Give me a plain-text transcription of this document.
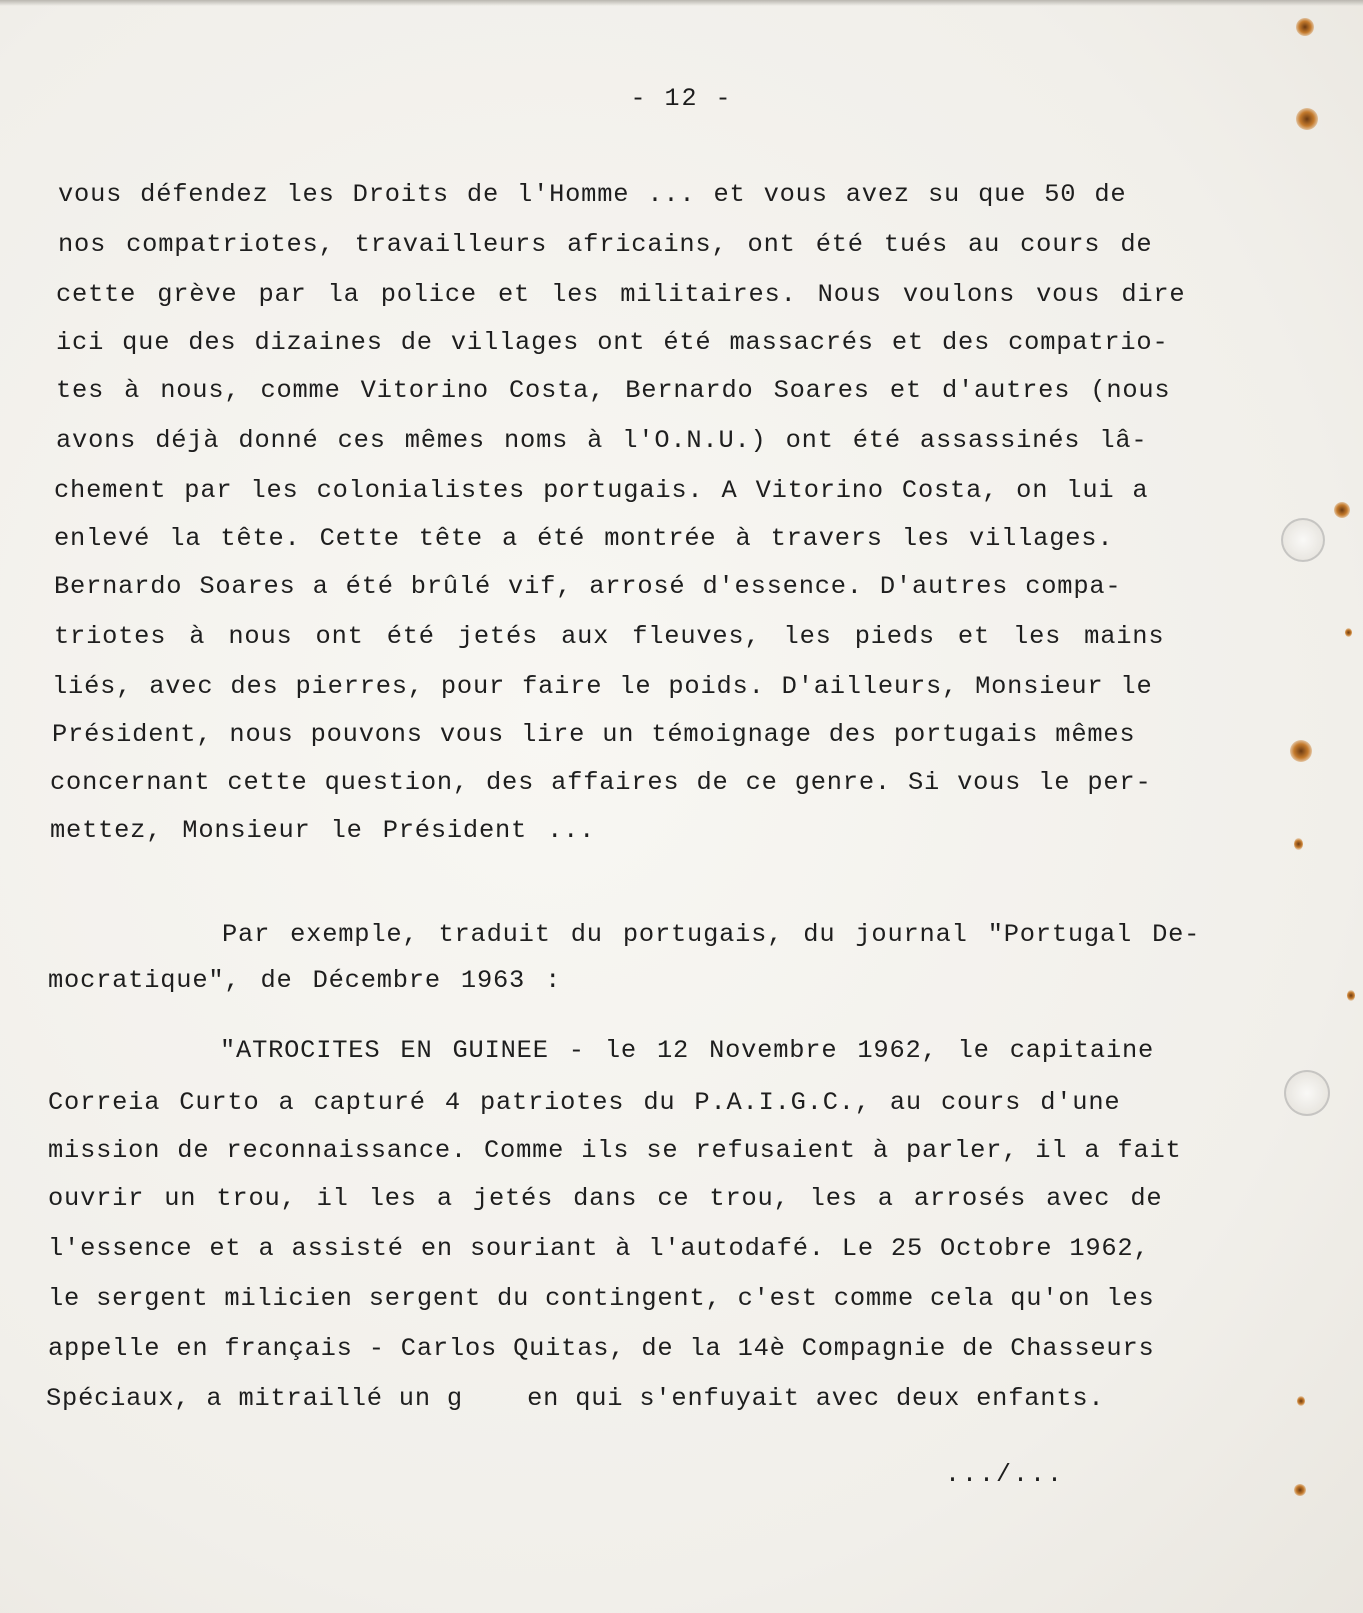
- 12 -
vous défendez les Droits de l'Homme ... et vous avez su que 50 de
nos compatriotes, travailleurs africains, ont été tués au cours de
cette grève par la police et les militaires. Nous voulons vous dire
ici que des dizaines de villages ont été massacrés et des compatrio-
tes à nous, comme Vitorino Costa, Bernardo Soares et d'autres (nous
avons déjà donné ces mêmes noms à l'O.N.U.) ont été assassinés lâ-
chement par les colonialistes portugais. A Vitorino Costa, on lui a
enlevé la tête. Cette tête a été montrée à travers les villages.
Bernardo Soares a été brûlé vif, arrosé d'essence. D'autres compa-
triotes à nous ont été jetés aux fleuves, les pieds et les mains
liés, avec des pierres, pour faire le poids. D'ailleurs, Monsieur le
Président, nous pouvons vous lire un témoignage des portugais mêmes
concernant cette question, des affaires de ce genre. Si vous le per-
mettez, Monsieur le Président ...
Par exemple, traduit du portugais, du journal "Portugal De-
mocratique", de Décembre 1963 :
"ATROCITES EN GUINEE - le 12 Novembre 1962, le capitaine
Correia Curto a capturé 4 patriotes du P.A.I.G.C., au cours d'une
mission de reconnaissance. Comme ils se refusaient à parler, il a fait
ouvrir un trou, il les a jetés dans ce trou, les a arrosés avec de
l'essence et a assisté en souriant à l'autodafé. Le 25 Octobre 1962,
le sergent milicien sergent du contingent, c'est comme cela qu'on les
appelle en français - Carlos Quitas, de la 14è Compagnie de Chasseurs
Spéciaux, a mitraillé un g    en qui s'enfuyait avec deux enfants.
.../...
